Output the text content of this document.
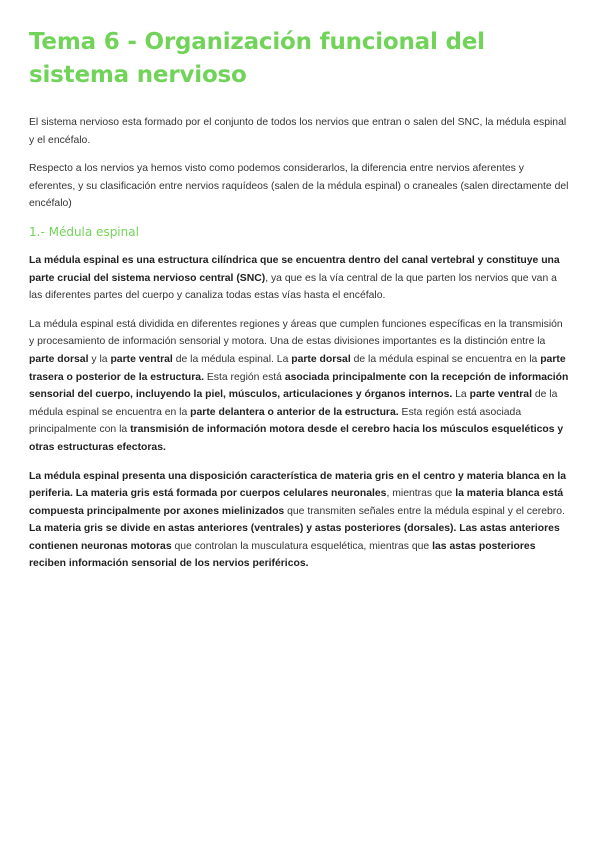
Tema 6 - Organización funcional del sistema nervioso

El sistema nervioso esta formado por el conjunto de todos los nervios que entran o salen del SNC, la médula espinal y el encéfalo.

Respecto a los nervios ya hemos visto como podemos considerarlos, la diferencia entre nervios aferentes y eferentes, y su clasificación entre nervios raquídeos (salen de la médula espinal) o craneales (salen directamente del encéfalo)

1.- Médula espinal

La médula espinal es una estructura cilíndrica que se encuentra dentro del canal vertebral y constituye una parte crucial del sistema nervioso central (SNC), ya que es la vía central de la que parten los nervios que van a las diferentes partes del cuerpo y canaliza todas estas vías hasta el encéfalo.

La médula espinal está dividida en diferentes regiones y áreas que cumplen funciones específicas en la transmisión y procesamiento de información sensorial y motora. Una de estas divisiones importantes es la distinción entre la parte dorsal y la parte ventral de la médula espinal. La parte dorsal de la médula espinal se encuentra en la parte trasera o posterior de la estructura. Esta región está asociada principalmente con la recepción de información sensorial del cuerpo, incluyendo la piel, músculos, articulaciones y órganos internos. La parte ventral de la médula espinal se encuentra en la parte delantera o anterior de la estructura. Esta región está asociada principalmente con la transmisión de información motora desde el cerebro hacia los músculos esqueléticos y otras estructuras efectoras.

La médula espinal presenta una disposición característica de materia gris en el centro y materia blanca en la periferia. La materia gris está formada por cuerpos celulares neuronales, mientras que la materia blanca está compuesta principalmente por axones mielinizados que transmiten señales entre la médula espinal y el cerebro. La materia gris se divide en astas anteriores (ventrales) y astas posteriores (dorsales). Las astas anteriores contienen neuronas motoras que controlan la musculatura esquelética, mientras que las astas posteriores reciben información sensorial de los nervios periféricos.
